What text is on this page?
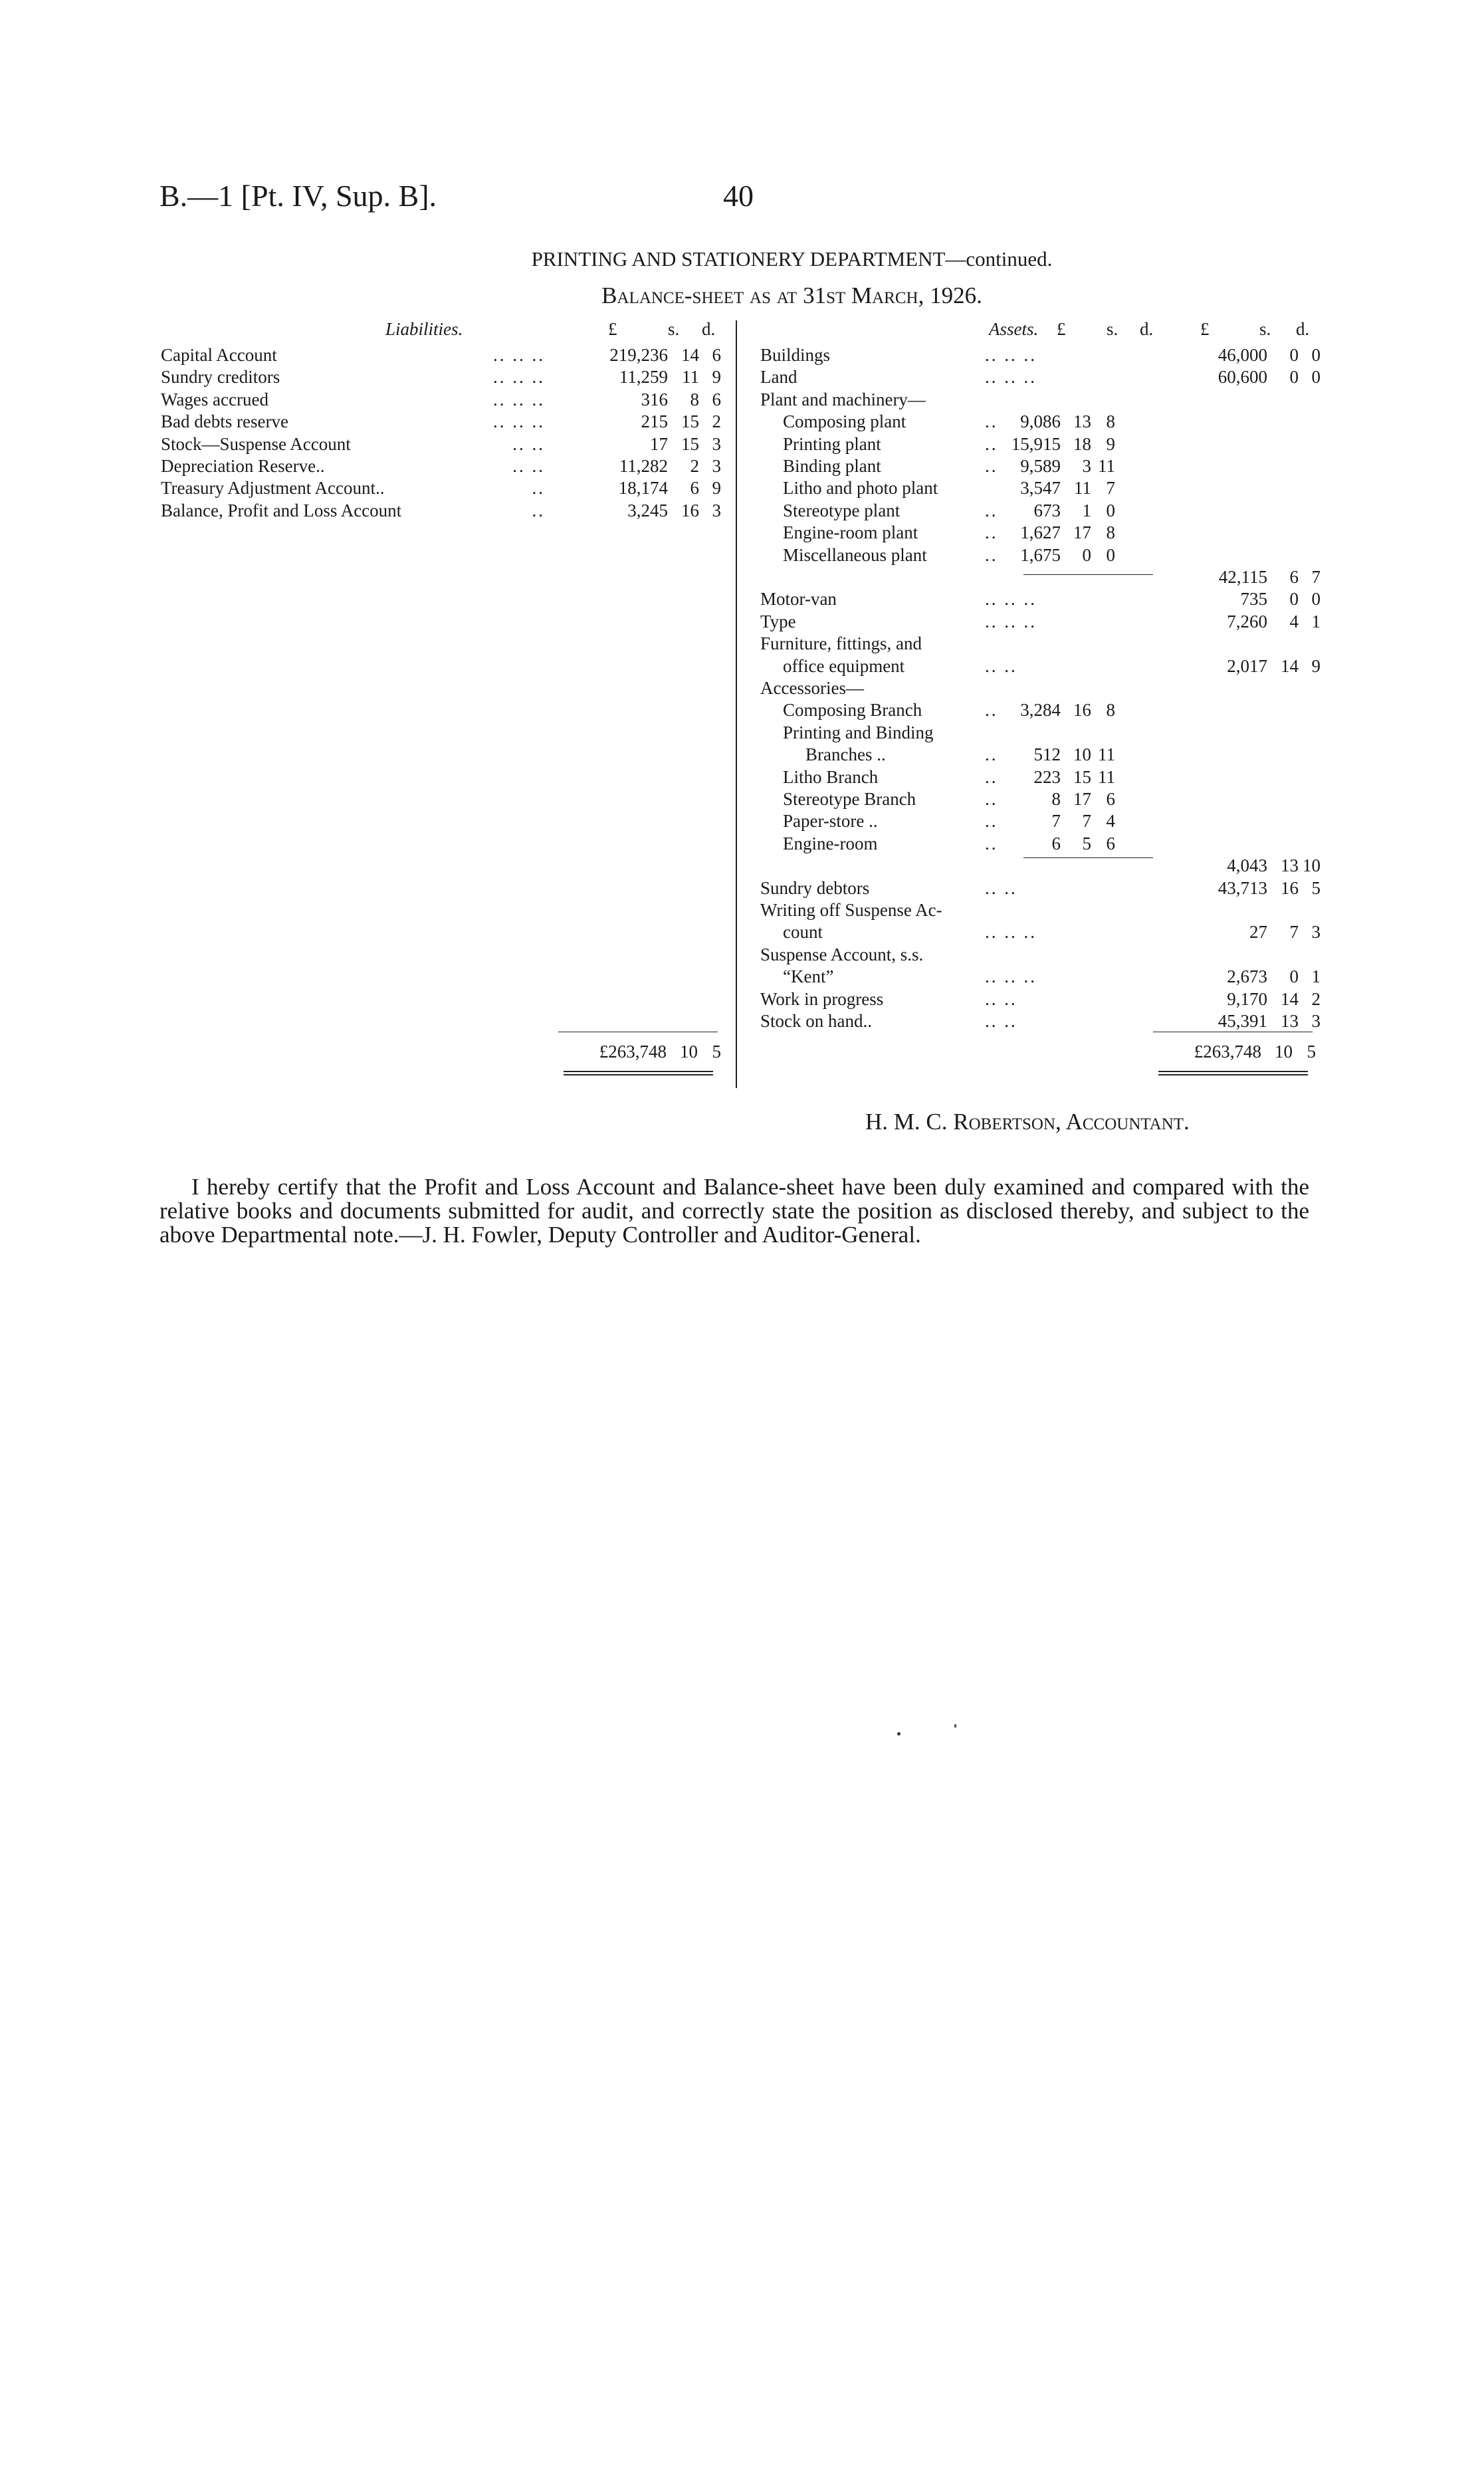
B.—1 [Pt. IV, Sup. B].	40
PRINTING AND STATIONERY DEPARTMENT—continued.
Balance-sheet as at 31st March, 1926.
Liabilities.	£	s. d.	Assets. £ s. d.	£	s. d.
Capital Account	.. .. ..	219,236 14 6
Sundry creditors	.. .. ..	11,259 11 9
Wages accrued	.. .. ..	316 8 6
Bad debts reserve	.. .. ..	215 15 2
Stock—Suspense Account	.. ..	17 15 3
Depreciation Reserve..	.. ..	11,282 2 3
Treasury Adjustment Account..	..	18,174 6 9
Balance, Profit and Loss Account	..	3,245 16 3
Buildings	.. .. ..	46,000 0 0
Land	.. .. ..	60,600 0 0
Plant and machinery—
Composing plant	.. 9,086 13 8
Printing plant	.. 15,915 18 9
Binding plant	.. 9,589 3 11
Litho and photo plant	3,547 11 7
Stereotype plant	.. 673 1 0
Engine-room plant	.. 1,627 17 8
Miscellaneous plant	.. 1,675 0 0
42,115 6 7
Motor-van	.. .. ..	735 0 0
Type	.. .. ..	7,260 4 1
Furniture, fittings, and
office equipment	.. ..	2,017 14 9
Accessories—
Composing Branch	.. 3,284 16 8
Printing and Binding
Branches ..	.. 512 10 11
Litho Branch	.. 223 15 11
Stereotype Branch	..	8 17 6
Paper-store ..	..	7 7 4
Engine-room	..	6 5 6
4,043 13 10
Sundry debtors	.. ..	43,713 16 5
Writing off Suspense Ac-
count	.. .. ..	27 7 3
Suspense Account, s.s.
“Kent”	.. .. ..	2,673 0 1
Work in progress	.. ..	9,170 14 2
Stock on hand..	.. ..	45,391 13 3
£263,748 10 5	£263,748 10 5
H. M. C. Robertson, Accountant.
I hereby certify that the Profit and Loss Account and Balance-sheet have been duly examined and compared with the relative books and documents submitted for audit, and correctly state the position as disclosed thereby, and subject to the above Departmental note.—J. H. Fowler, Deputy Controller and Auditor-General.
